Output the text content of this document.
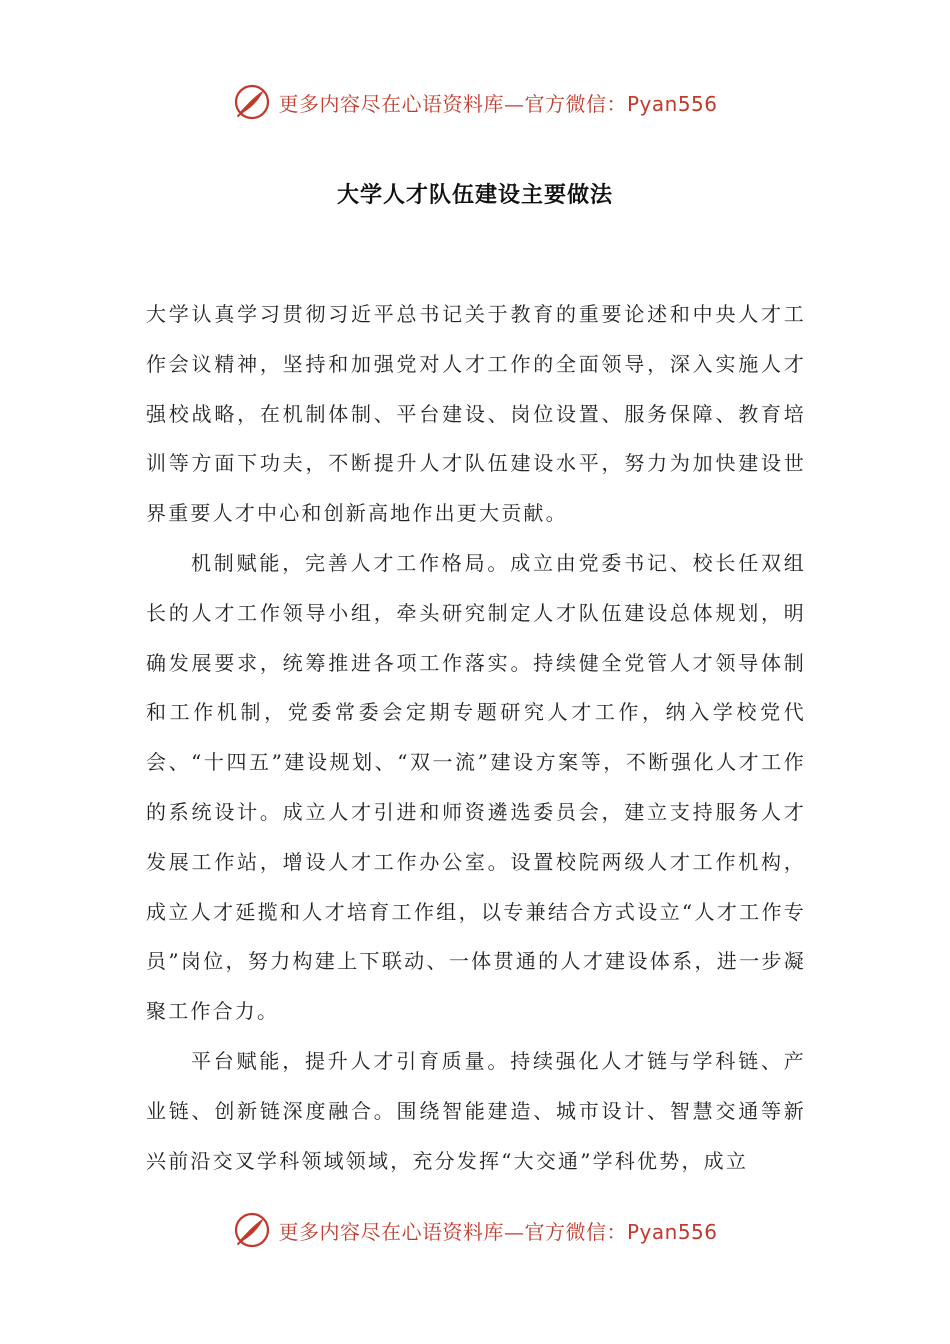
更多内容尽在心语资料库—官方微信：Pyan556
大学人才队伍建设主要做法

大学认真学习贯彻习近平总书记关于教育的重要论述和中央人才工作会议精神，坚持和加强党对人才工作的全面领导，深入实施人才强校战略，在机制体制、平台建设、岗位设置、服务保障、教育培训等方面下功夫，不断提升人才队伍建设水平，努力为加快建设世界重要人才中心和创新高地作出更大贡献。

机制赋能，完善人才工作格局。成立由党委书记、校长任双组长的人才工作领导小组，牵头研究制定人才队伍建设总体规划，明确发展要求，统筹推进各项工作落实。持续健全党管人才领导体制和工作机制，党委常委会定期专题研究人才工作，纳入学校党代会、“十四五”建设规划、“双一流”建设方案等，不断强化人才工作的系统设计。成立人才引进和师资遴选委员会，建立支持服务人才发展工作站，增设人才工作办公室。设置校院两级人才工作机构，成立人才延揽和人才培育工作组，以专兼结合方式设立“人才工作专员”岗位，努力构建上下联动、一体贯通的人才建设体系，进一步凝聚工作合力。

平台赋能，提升人才引育质量。持续强化人才链与学科链、产业链、创新链深度融合。围绕智能建造、城市设计、智慧交通等新兴前沿交叉学科领域领域，充分发挥“大交通”学科优势，成立

更多内容尽在心语资料库—官方微信：Pyan556
